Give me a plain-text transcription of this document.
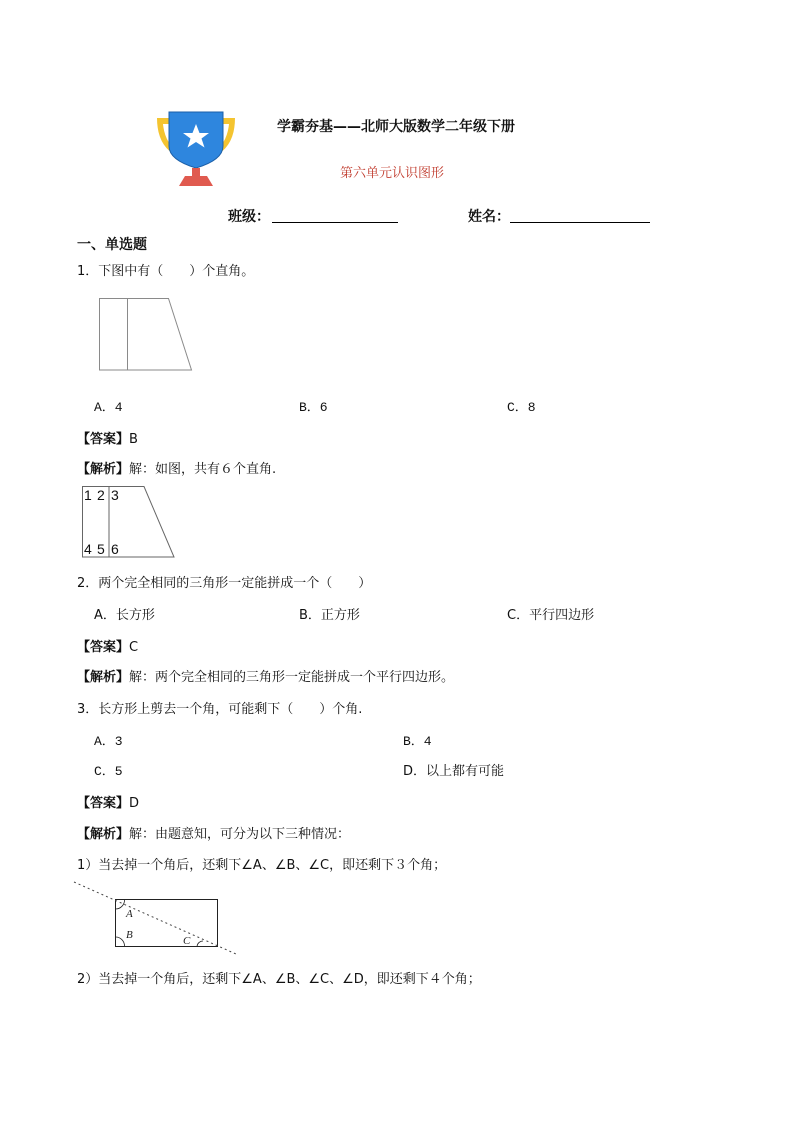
学霸夯基——北师大版数学二年级下册
第六单元认识图形
班级：	姓名：
一、单选题
1．下图中有（　　）个直角。
A．4	B．6	C．8
【答案】B
【解析】解：如图，共有６个直角.
1 2 3
4 5 6
2．两个完全相同的三角形一定能拼成一个（　　）
A．长方形	B．正方形	C．平行四边形
【答案】C
【解析】解：两个完全相同的三角形一定能拼成一个平行四边形。
3．长方形上剪去一个角，可能剩下（　　）个角.
A．3	B．4
C．5	D．以上都有可能
【答案】D
【解析】解：由题意知，可分为以下三种情况：
1）当去掉一个角后，还剩下∠A、∠B、∠C，即还剩下３个角；
A
B	C
2）当去掉一个角后，还剩下∠A、∠B、∠C、∠D，即还剩下４个角；
